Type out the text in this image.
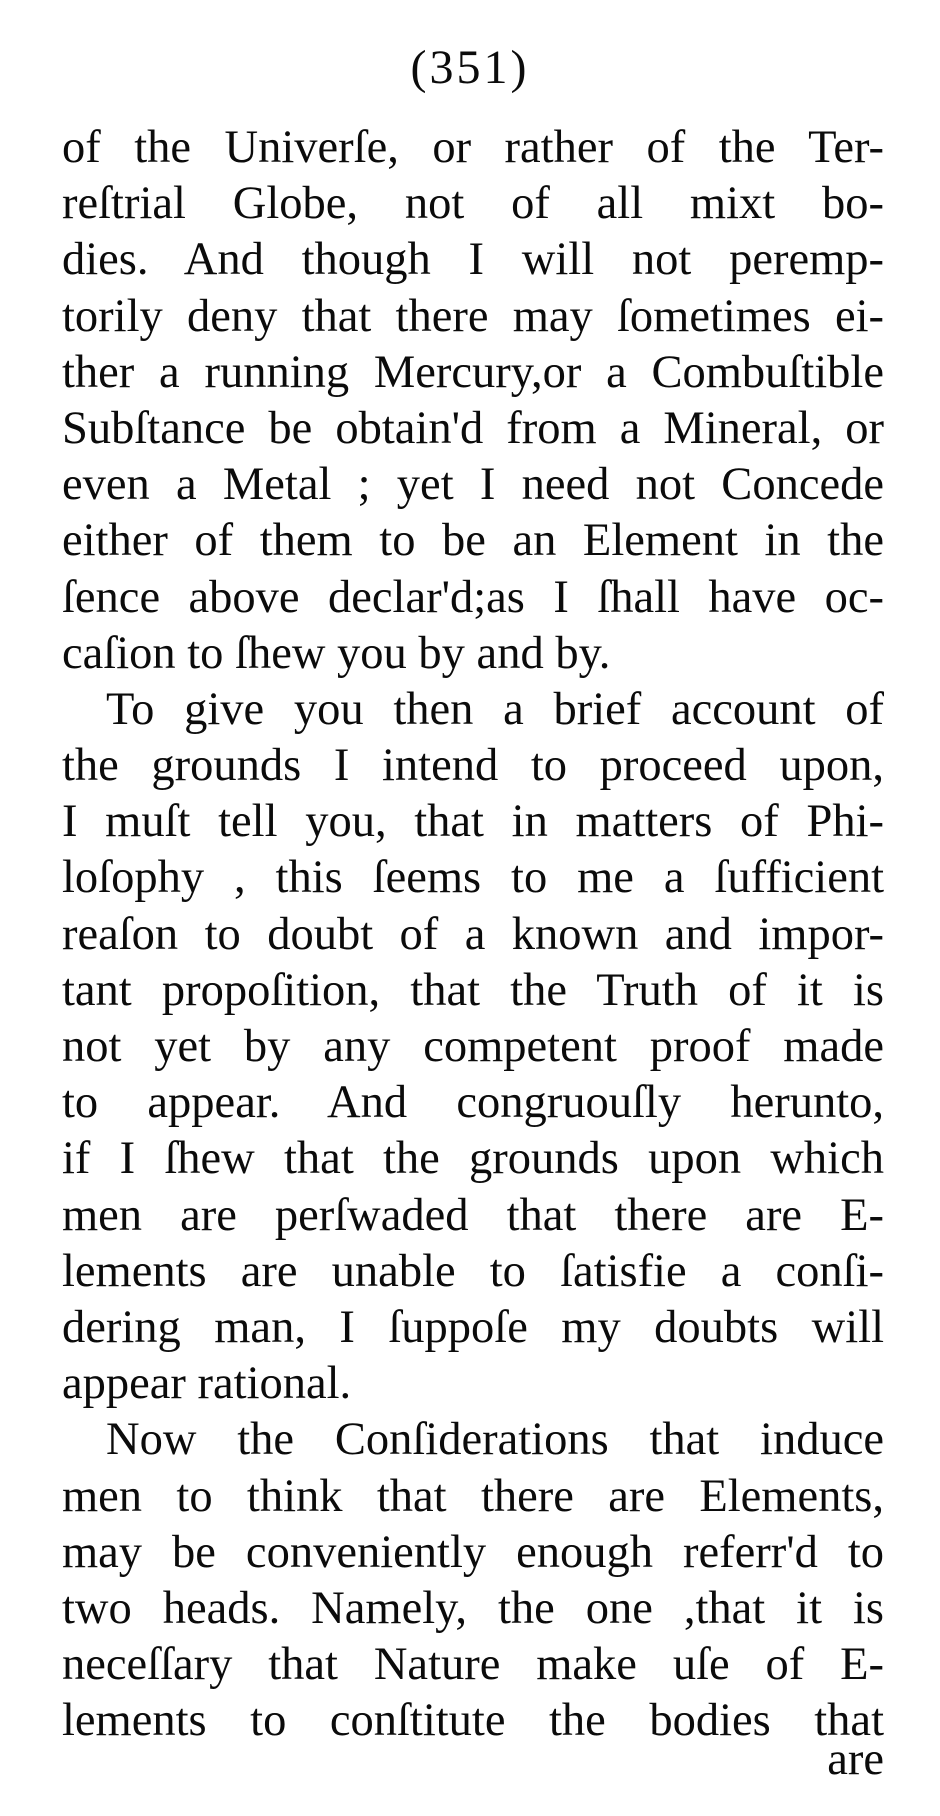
(351)
of the Univerſe, or rather of the Ter-
reſtrial Globe, not of all mixt bo-
dies. And though I will not peremp-
torily deny that there may ſometimes ei-
ther a running Mercury,or a Combuſtible
Subſtance be obtain'd from a Mineral, or
even a Metal ; yet I need not Concede
either of them to be an Element in the
ſence above declar'd;as I ſhall have oc-
caſion to ſhew you by and by.
To give you then a brief account of
the grounds I intend to proceed upon,
I muſt tell you, that in matters of Phi-
loſophy , this ſeems to me a ſufficient
reaſon to doubt of a known and impor-
tant propoſition, that the Truth of it is
not yet by any competent proof made
to appear. And congruouſly herunto,
if I ſhew that the grounds upon which
men are perſwaded that there are E-
lements are unable to ſatisfie a conſi-
dering man, I ſuppoſe my doubts will
appear rational.
Now the Conſiderations that induce
men to think that there are Elements,
may be conveniently enough referr'd to
two heads. Namely, the one ,that it is
neceſſary that Nature make uſe of E-
lements to conſtitute the bodies that
are
